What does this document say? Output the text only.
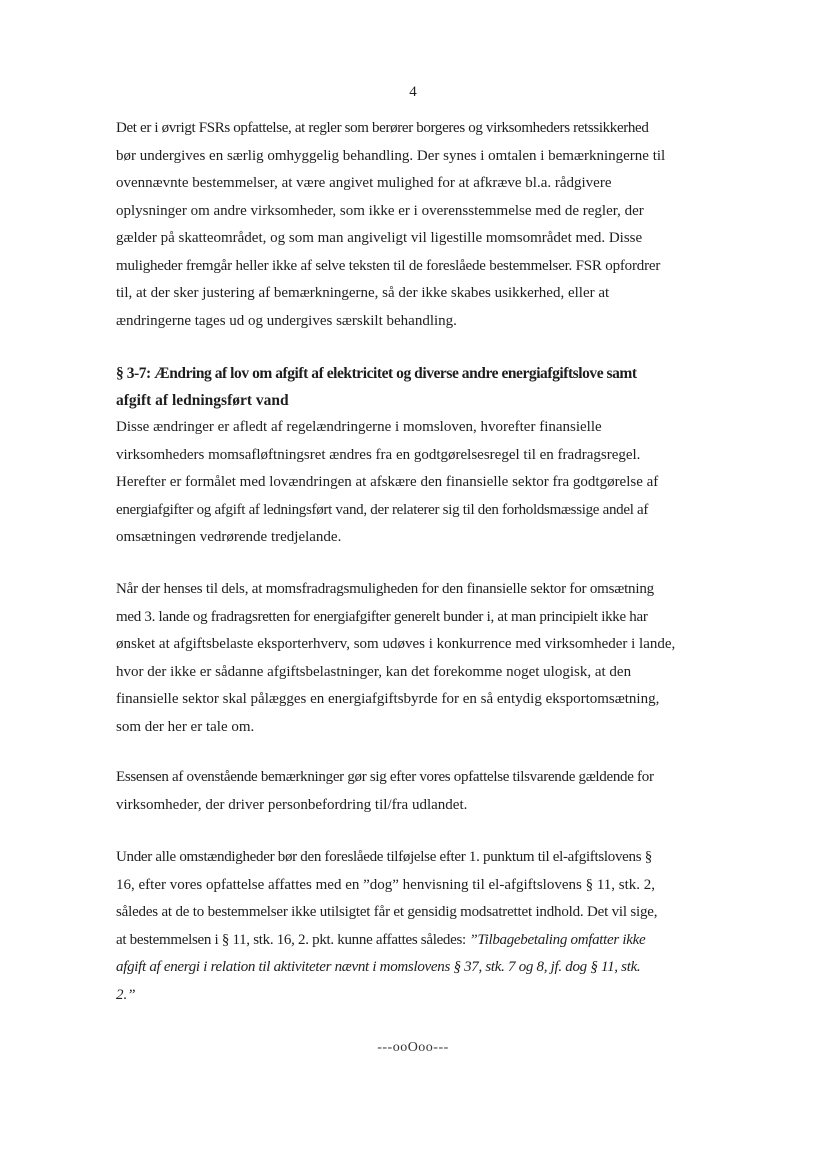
4
Det er i øvrigt FSRs opfattelse, at regler som berører borgeres og virksomheders retssikkerhed
bør undergives en særlig omhyggelig behandling. Der synes i omtalen i bemærkningerne til
ovennævnte bestemmelser, at være angivet mulighed for at afkræve bl.a. rådgivere
oplysninger om andre virksomheder, som ikke er i overensstemmelse med de regler, der
gælder på skatteområdet, og som man angiveligt vil ligestille momsområdet med. Disse
muligheder fremgår heller ikke af selve teksten til de foreslåede bestemmelser. FSR opfordrer
til, at der sker justering af bemærkningerne, så der ikke skabes usikkerhed, eller at
ændringerne tages ud og undergives særskilt behandling.
§ 3-7: Ændring af lov om afgift af elektricitet og diverse andre energiafgiftslove samt
afgift af ledningsført vand
Disse ændringer er afledt af regelændringerne i momsloven, hvorefter finansielle
virksomheders momsafløftningsret ændres fra en godtgørelsesregel til en fradragsregel.
Herefter er formålet med lovændringen at afskære den finansielle sektor fra godtgørelse af
energiafgifter og afgift af ledningsført vand, der relaterer sig til den forholdsmæssige andel af
omsætningen vedrørende tredjelande.
Når der henses til dels, at momsfradragsmuligheden for den finansielle sektor for omsætning
med 3. lande og fradragsretten for energiafgifter generelt bunder i, at man principielt ikke har
ønsket at afgiftsbelaste eksporterhverv, som udøves i konkurrence med virksomheder i lande,
hvor der ikke er sådanne afgiftsbelastninger, kan det forekomme noget ulogisk, at den
finansielle sektor skal pålægges en energiafgiftsbyrde for en så entydig eksportomsætning,
som der her er tale om.
Essensen af ovenstående bemærkninger gør sig efter vores opfattelse tilsvarende gældende for
virksomheder, der driver personbefordring til/fra udlandet.
Under alle omstændigheder bør den foreslåede tilføjelse efter 1. punktum til el-afgiftslovens §
16, efter vores opfattelse affattes med en ”dog” henvisning til el-afgiftslovens § 11, stk. 2,
således at de to bestemmelser ikke utilsigtet får et gensidig modsatrettet indhold. Det vil sige,
at bestemmelsen i § 11, stk. 16, 2. pkt. kunne affattes således: ”Tilbagebetaling omfatter ikke
afgift af energi i relation til aktiviteter nævnt i momslovens § 37, stk. 7 og 8, jf. dog § 11, stk.
2.”
---ooOoo---
